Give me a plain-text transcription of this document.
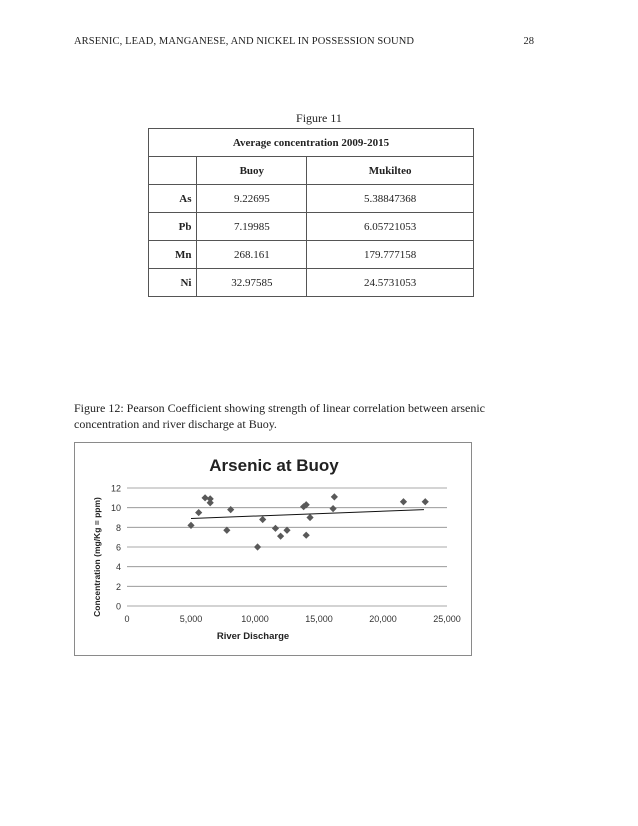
ARSENIC, LEAD, MANGANESE, AND NICKEL IN POSSESSION SOUND	28
Figure 11
Average concentration 2009-2015		
	Buoy	Mukilteo
As	9.22695	5.38847368
Pb	7.19985	6.05721053
Mn	268.161	179.777158
Ni	32.97585	24.5731053
Figure 12: Pearson Coefficient showing strength of linear correlation between arsenic concentration and river discharge at Buoy.
Arsenic at Buoy
River Discharge
Concentration (mg/Kg = ppm) 0
2
4
6
8
10
12
0	5,000	10,000	15,000	20,000	25,000
